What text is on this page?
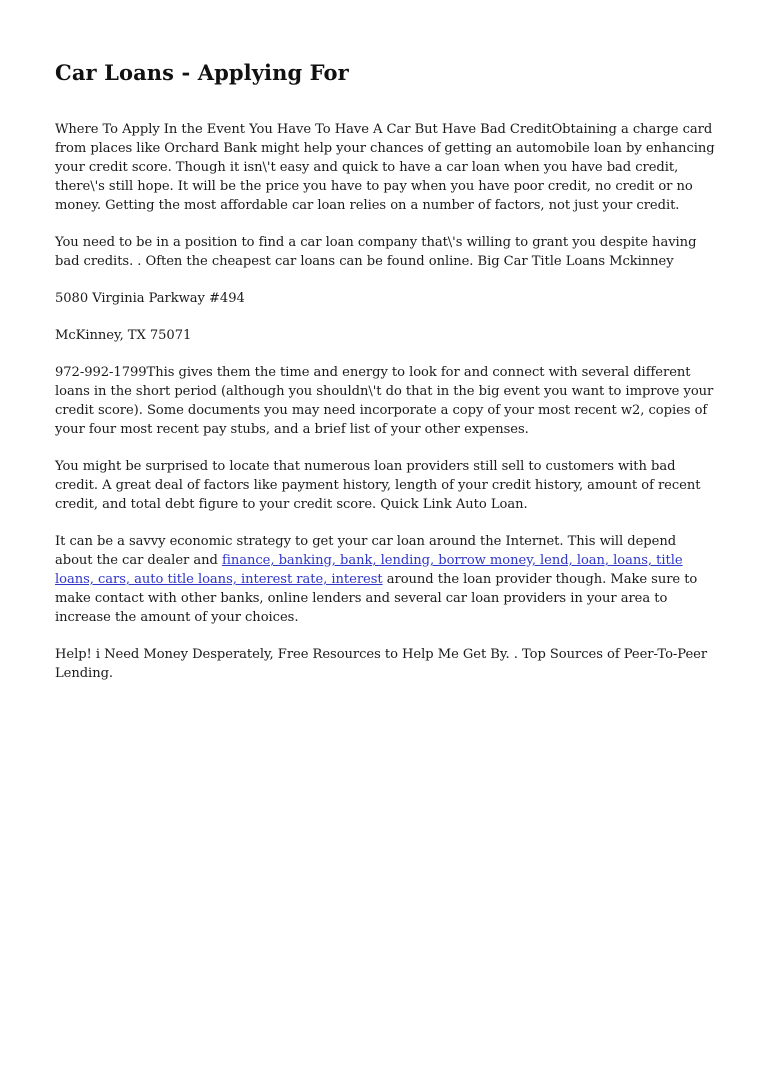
Car Loans - Applying For

Where To Apply In the Event You Have To Have A Car But Have Bad CreditObtaining a charge card from places like Orchard Bank might help your chances of getting an automobile loan by enhancing your credit score. Though it isn\'t easy and quick to have a car loan when you have bad credit, there\'s still hope. It will be the price you have to pay when you have poor credit, no credit or no money. Getting the most affordable car loan relies on a number of factors, not just your credit.

You need to be in a position to find a car loan company that\'s willing to grant you despite having bad credits. . Often the cheapest car loans can be found online. Big Car Title Loans Mckinney

5080 Virginia Parkway #494

McKinney, TX 75071

972-992-1799This gives them the time and energy to look for and connect with several different loans in the short period (although you shouldn\'t do that in the big event you want to improve your credit score). Some documents you may need incorporate a copy of your most recent w2, copies of your four most recent pay stubs, and a brief list of your other expenses.

You might be surprised to locate that numerous loan providers still sell to customers with bad credit. A great deal of factors like payment history, length of your credit history, amount of recent credit, and total debt figure to your credit score. Quick Link Auto Loan.

It can be a savvy economic strategy to get your car loan around the Internet. This will depend about the car dealer and finance, banking, bank, lending, borrow money, lend, loan, loans, title loans, cars, auto title loans, interest rate, interest around the loan provider though. Make sure to make contact with other banks, online lenders and several car loan providers in your area to increase the amount of your choices.

Help! i Need Money Desperately, Free Resources to Help Me Get By. . Top Sources of Peer-To-Peer Lending.
